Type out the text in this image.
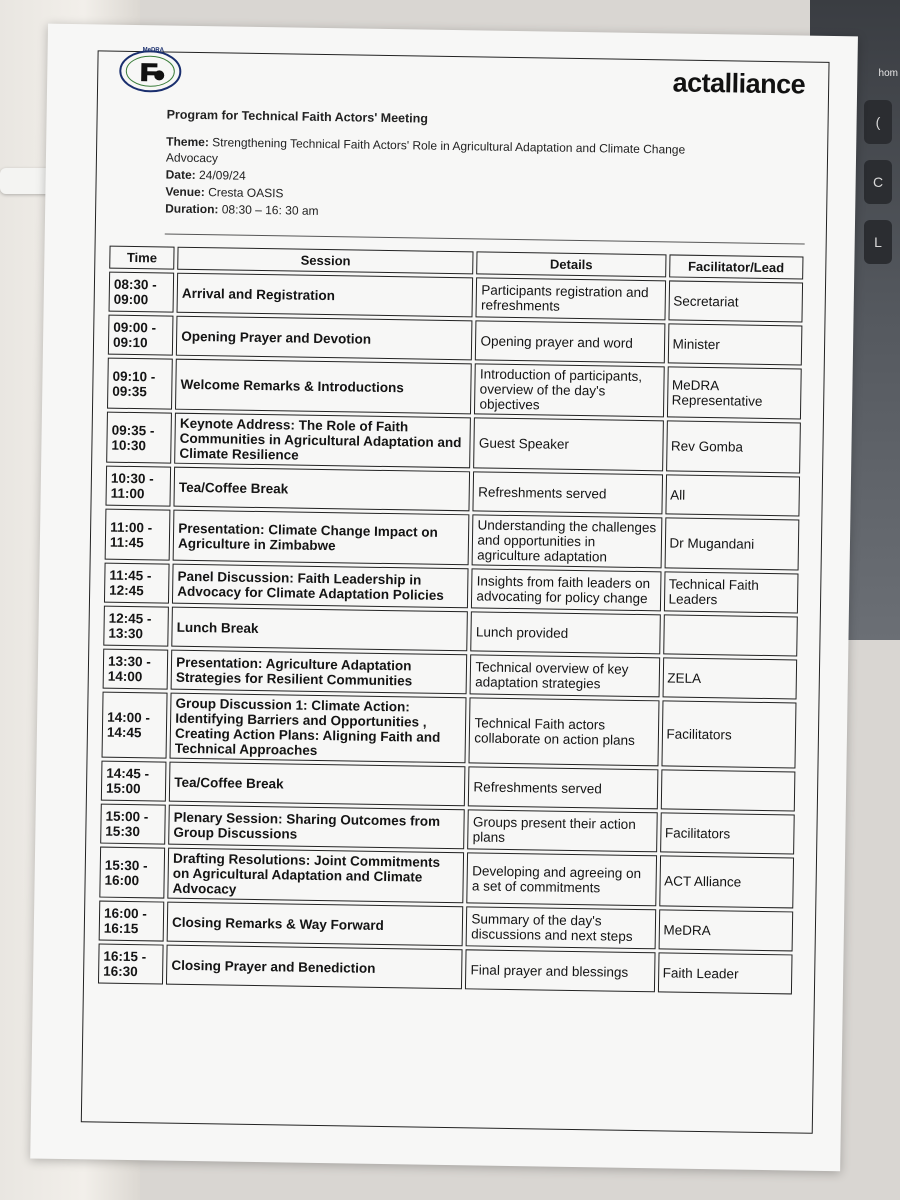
hom
(
C
L
MeDRA
actalliance
Program for Technical Faith Actors' Meeting
Theme: Strengthening Technical Faith Actors' Role in Agricultural Adaptation and Climate Change Advocacy
Date: 24/09/24
Venue: Cresta OASIS
Duration: 08:30 – 16: 30 am
Time	Session	Details	Facilitator/Lead
08:30 - 09:00	Arrival and Registration	Participants registration and refreshments	Secretariat
09:00 - 09:10	Opening Prayer and Devotion	Opening prayer and word	Minister
09:10 - 09:35	Welcome Remarks & Introductions	Introduction of participants, overview of the day's objectives	MeDRA Representative
09:35 - 10:30	Keynote Address: The Role of Faith Communities in Agricultural Adaptation and Climate Resilience	Guest Speaker	Rev Gomba
10:30 - 11:00	Tea/Coffee Break	Refreshments served	All
11:00 - 11:45	Presentation: Climate Change Impact on Agriculture in Zimbabwe	Understanding the challenges and opportunities in agriculture adaptation	Dr Mugandani
11:45 - 12:45	Panel Discussion: Faith Leadership in Advocacy for Climate Adaptation Policies	Insights from faith leaders on advocating for policy change	Technical Faith Leaders
12:45 - 13:30	Lunch Break	Lunch provided	
13:30 - 14:00	Presentation: Agriculture Adaptation Strategies for Resilient Communities	Technical overview of key adaptation strategies	ZELA
14:00 - 14:45	Group Discussion 1: Climate Action: Identifying Barriers and Opportunities , Creating Action Plans: Aligning Faith and Technical Approaches	Technical Faith actors collaborate on action plans	Facilitators
14:45 - 15:00	Tea/Coffee Break	Refreshments served	
15:00 - 15:30	Plenary Session: Sharing Outcomes from Group Discussions	Groups present their action plans	Facilitators
15:30 - 16:00	Drafting Resolutions: Joint Commitments on Agricultural Adaptation and Climate Advocacy	Developing and agreeing on a set of commitments	ACT Alliance
16:00 - 16:15	Closing Remarks & Way Forward	Summary of the day's discussions and next steps	MeDRA
16:15 - 16:30	Closing Prayer and Benediction	Final prayer and blessings	Faith Leader
